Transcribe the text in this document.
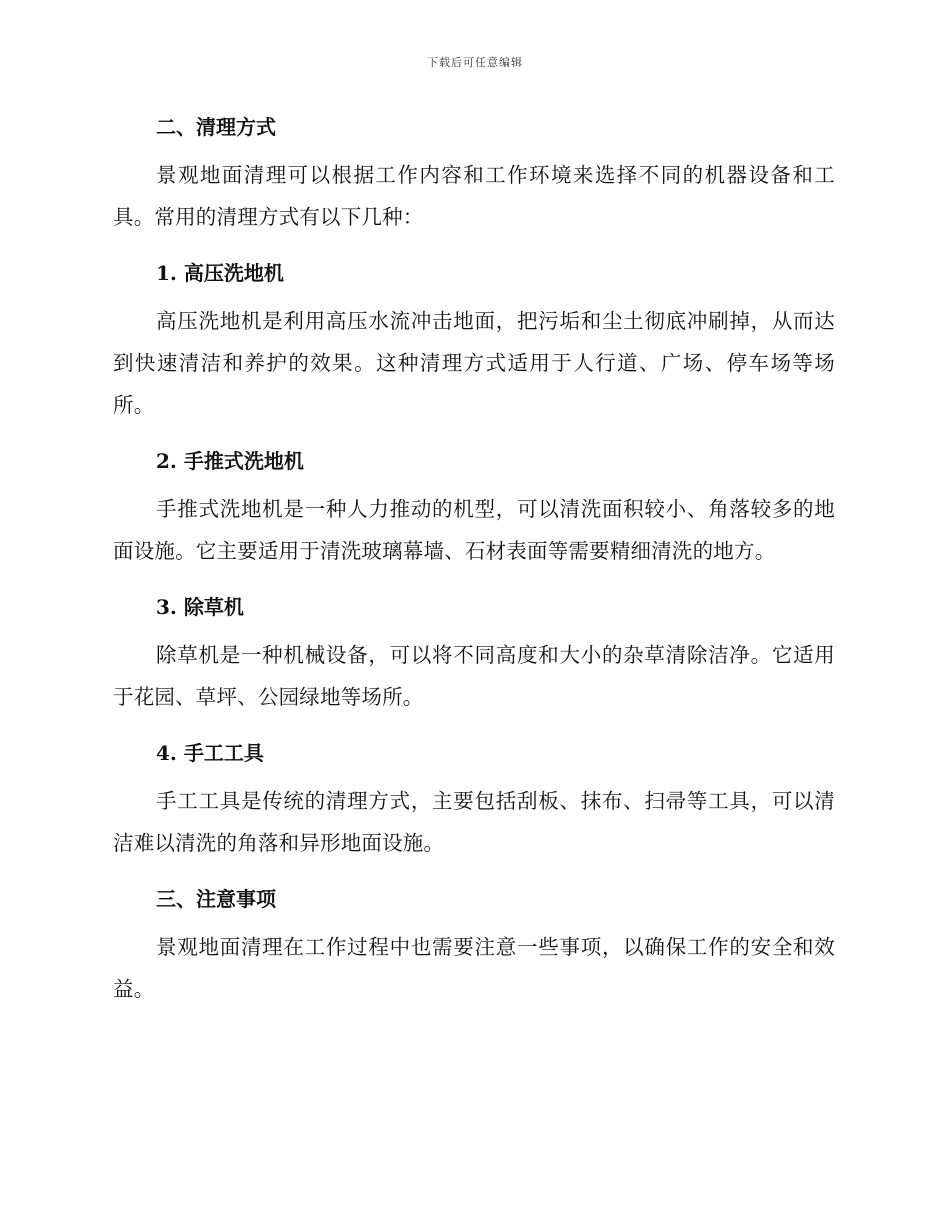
下载后可任意编辑
二、清理方式

景观地面清理可以根据工作内容和工作环境来选择不同的机器设备和工具。常用的清理方式有以下几种：

1. 高压洗地机

高压洗地机是利用高压水流冲击地面，把污垢和尘土彻底冲刷掉，从而达到快速清洁和养护的效果。这种清理方式适用于人行道、广场、停车场等场所。

2. 手推式洗地机

手推式洗地机是一种人力推动的机型，可以清洗面积较小、角落较多的地面设施。它主要适用于清洗玻璃幕墙、石材表面等需要精细清洗的地方。

3. 除草机

除草机是一种机械设备，可以将不同高度和大小的杂草清除洁净。它适用于花园、草坪、公园绿地等场所。

4. 手工工具

手工工具是传统的清理方式，主要包括刮板、抹布、扫帚等工具，可以清洁难以清洗的角落和异形地面设施。

三、注意事项

景观地面清理在工作过程中也需要注意一些事项，以确保工作的安全和效益。
